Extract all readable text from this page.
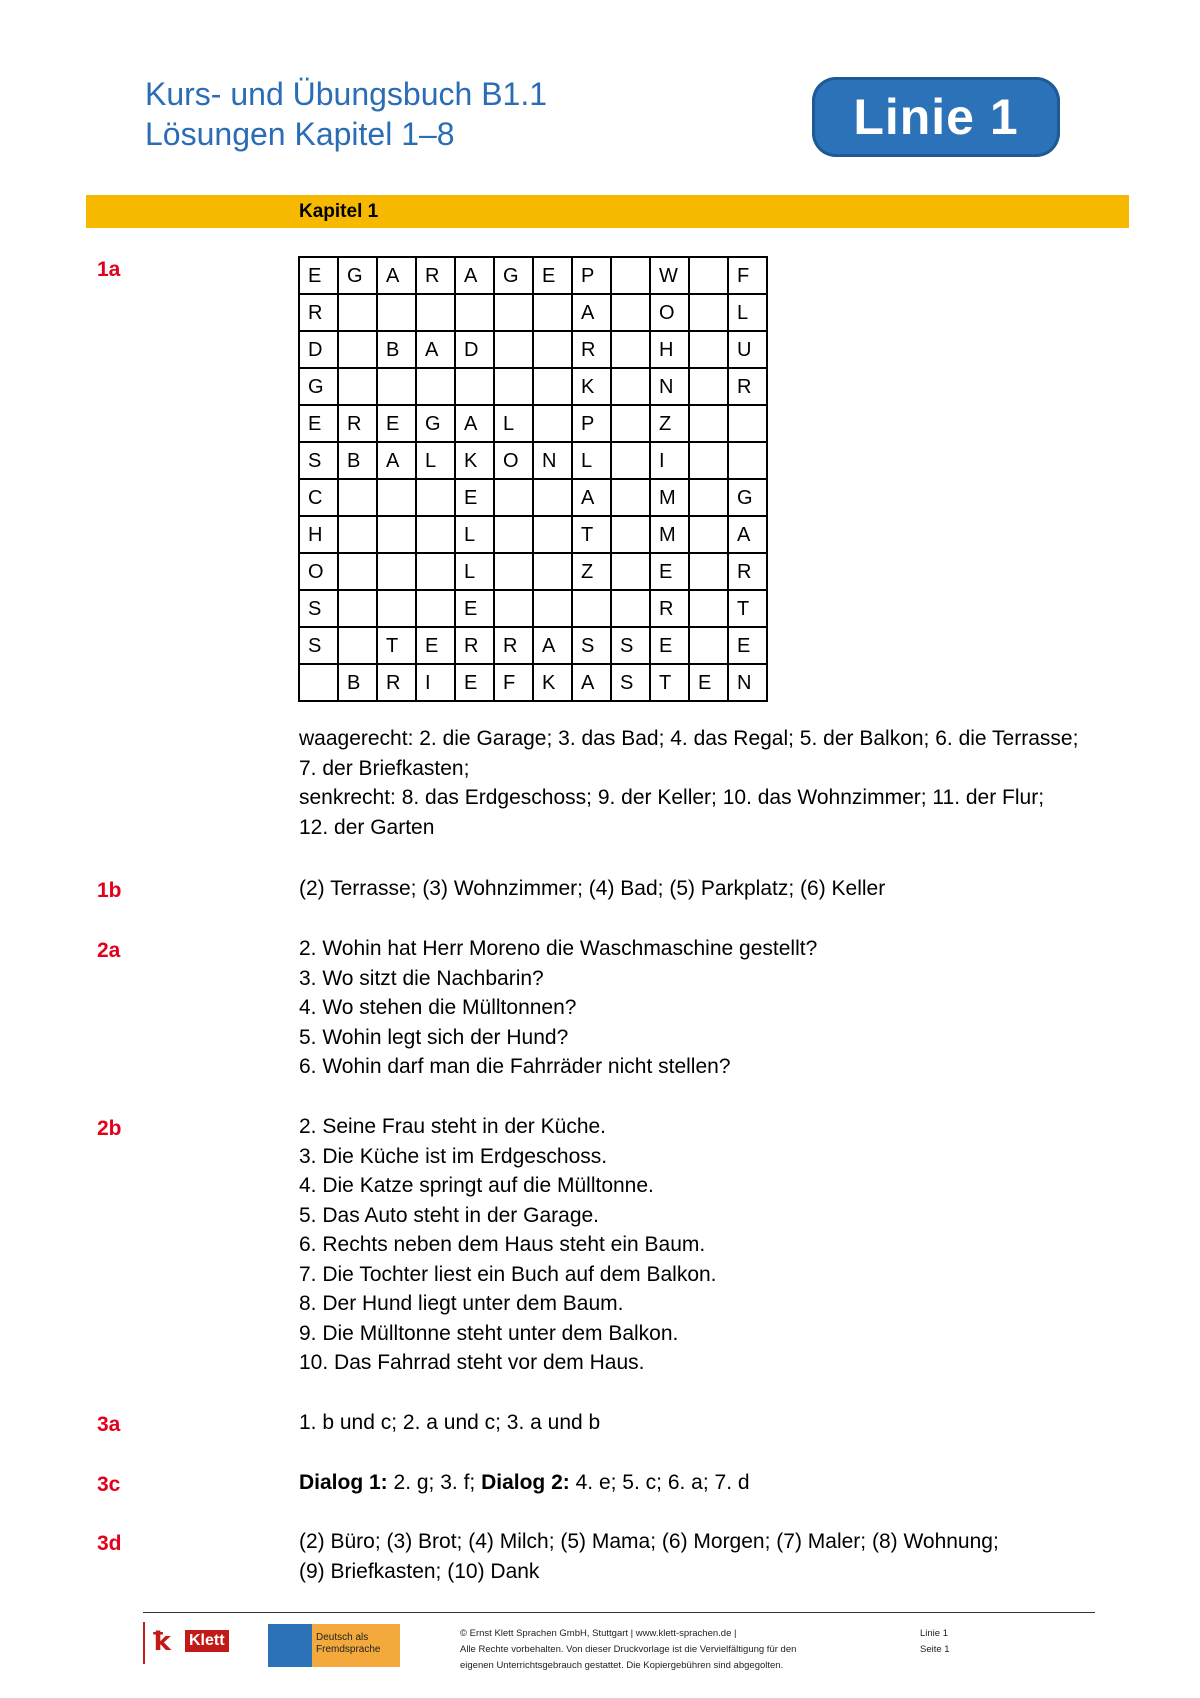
Kurs- und Übungsbuch B1.1
Lösungen Kapitel 1–8	Linie 1
Kapitel 1
1a	E	G	A	R	A	G	E	P		W		F
R							A		O		L
D		B	A	D			R		H		U
G							K		N		R
E	R	E	G	A	L		P		Z		
S	B	A	L	K	O	N	L		I		
C				E			A		M		G
H				L			T		M		A
O				L			Z		E		R
S				E					R		T
S		T	E	R	R	A	S	S	E		E
	B	R	I	E	F	K	A	S	T	E	N
waagerecht: 2. die Garage; 3. das Bad; 4. das Regal; 5. der Balkon; 6. die Terrasse;
7. der Briefkasten;
senkrecht: 8. das Erdgeschoss; 9. der Keller; 10. das Wohnzimmer; 11. der Flur;
12. der Garten
1b	(2) Terrasse; (3) Wohnzimmer; (4) Bad; (5) Parkplatz; (6) Keller
2a	2. Wohin hat Herr Moreno die Waschmaschine gestellt?
3. Wo sitzt die Nachbarin?
4. Wo stehen die Mülltonnen?
5. Wohin legt sich der Hund?
6. Wohin darf man die Fahrräder nicht stellen?
2b	2. Seine Frau steht in der Küche.
3. Die Küche ist im Erdgeschoss.
4. Die Katze springt auf die Mülltonne.
5. Das Auto steht in der Garage.
6. Rechts neben dem Haus steht ein Baum.
7. Die Tochter liest ein Buch auf dem Balkon.
8. Der Hund liegt unter dem Baum.
9. Die Mülltonne steht unter dem Balkon.
10. Das Fahrrad steht vor dem Haus.
3a	1. b und c; 2. a und c; 3. a und b
3c	Dialog 1: 2. g; 3. f; Dialog 2: 4. e; 5. c; 6. a; 7. d
3d	(2) Büro; (3) Brot; (4) Milch; (5) Mama; (6) Morgen; (7) Maler; (8) Wohnung;
(9) Briefkasten; (10) Dank
ꝁ Klett	Deutsch als Fremdsprache
© Ernst Klett Sprachen GmbH, Stuttgart | www.klett-sprachen.de |
Alle Rechte vorbehalten. Von dieser Druckvorlage ist die Vervielfältigung für den
eigenen Unterrichtsgebrauch gestattet. Die Kopiergebühren sind abgegolten.
Linie 1
Seite 1
